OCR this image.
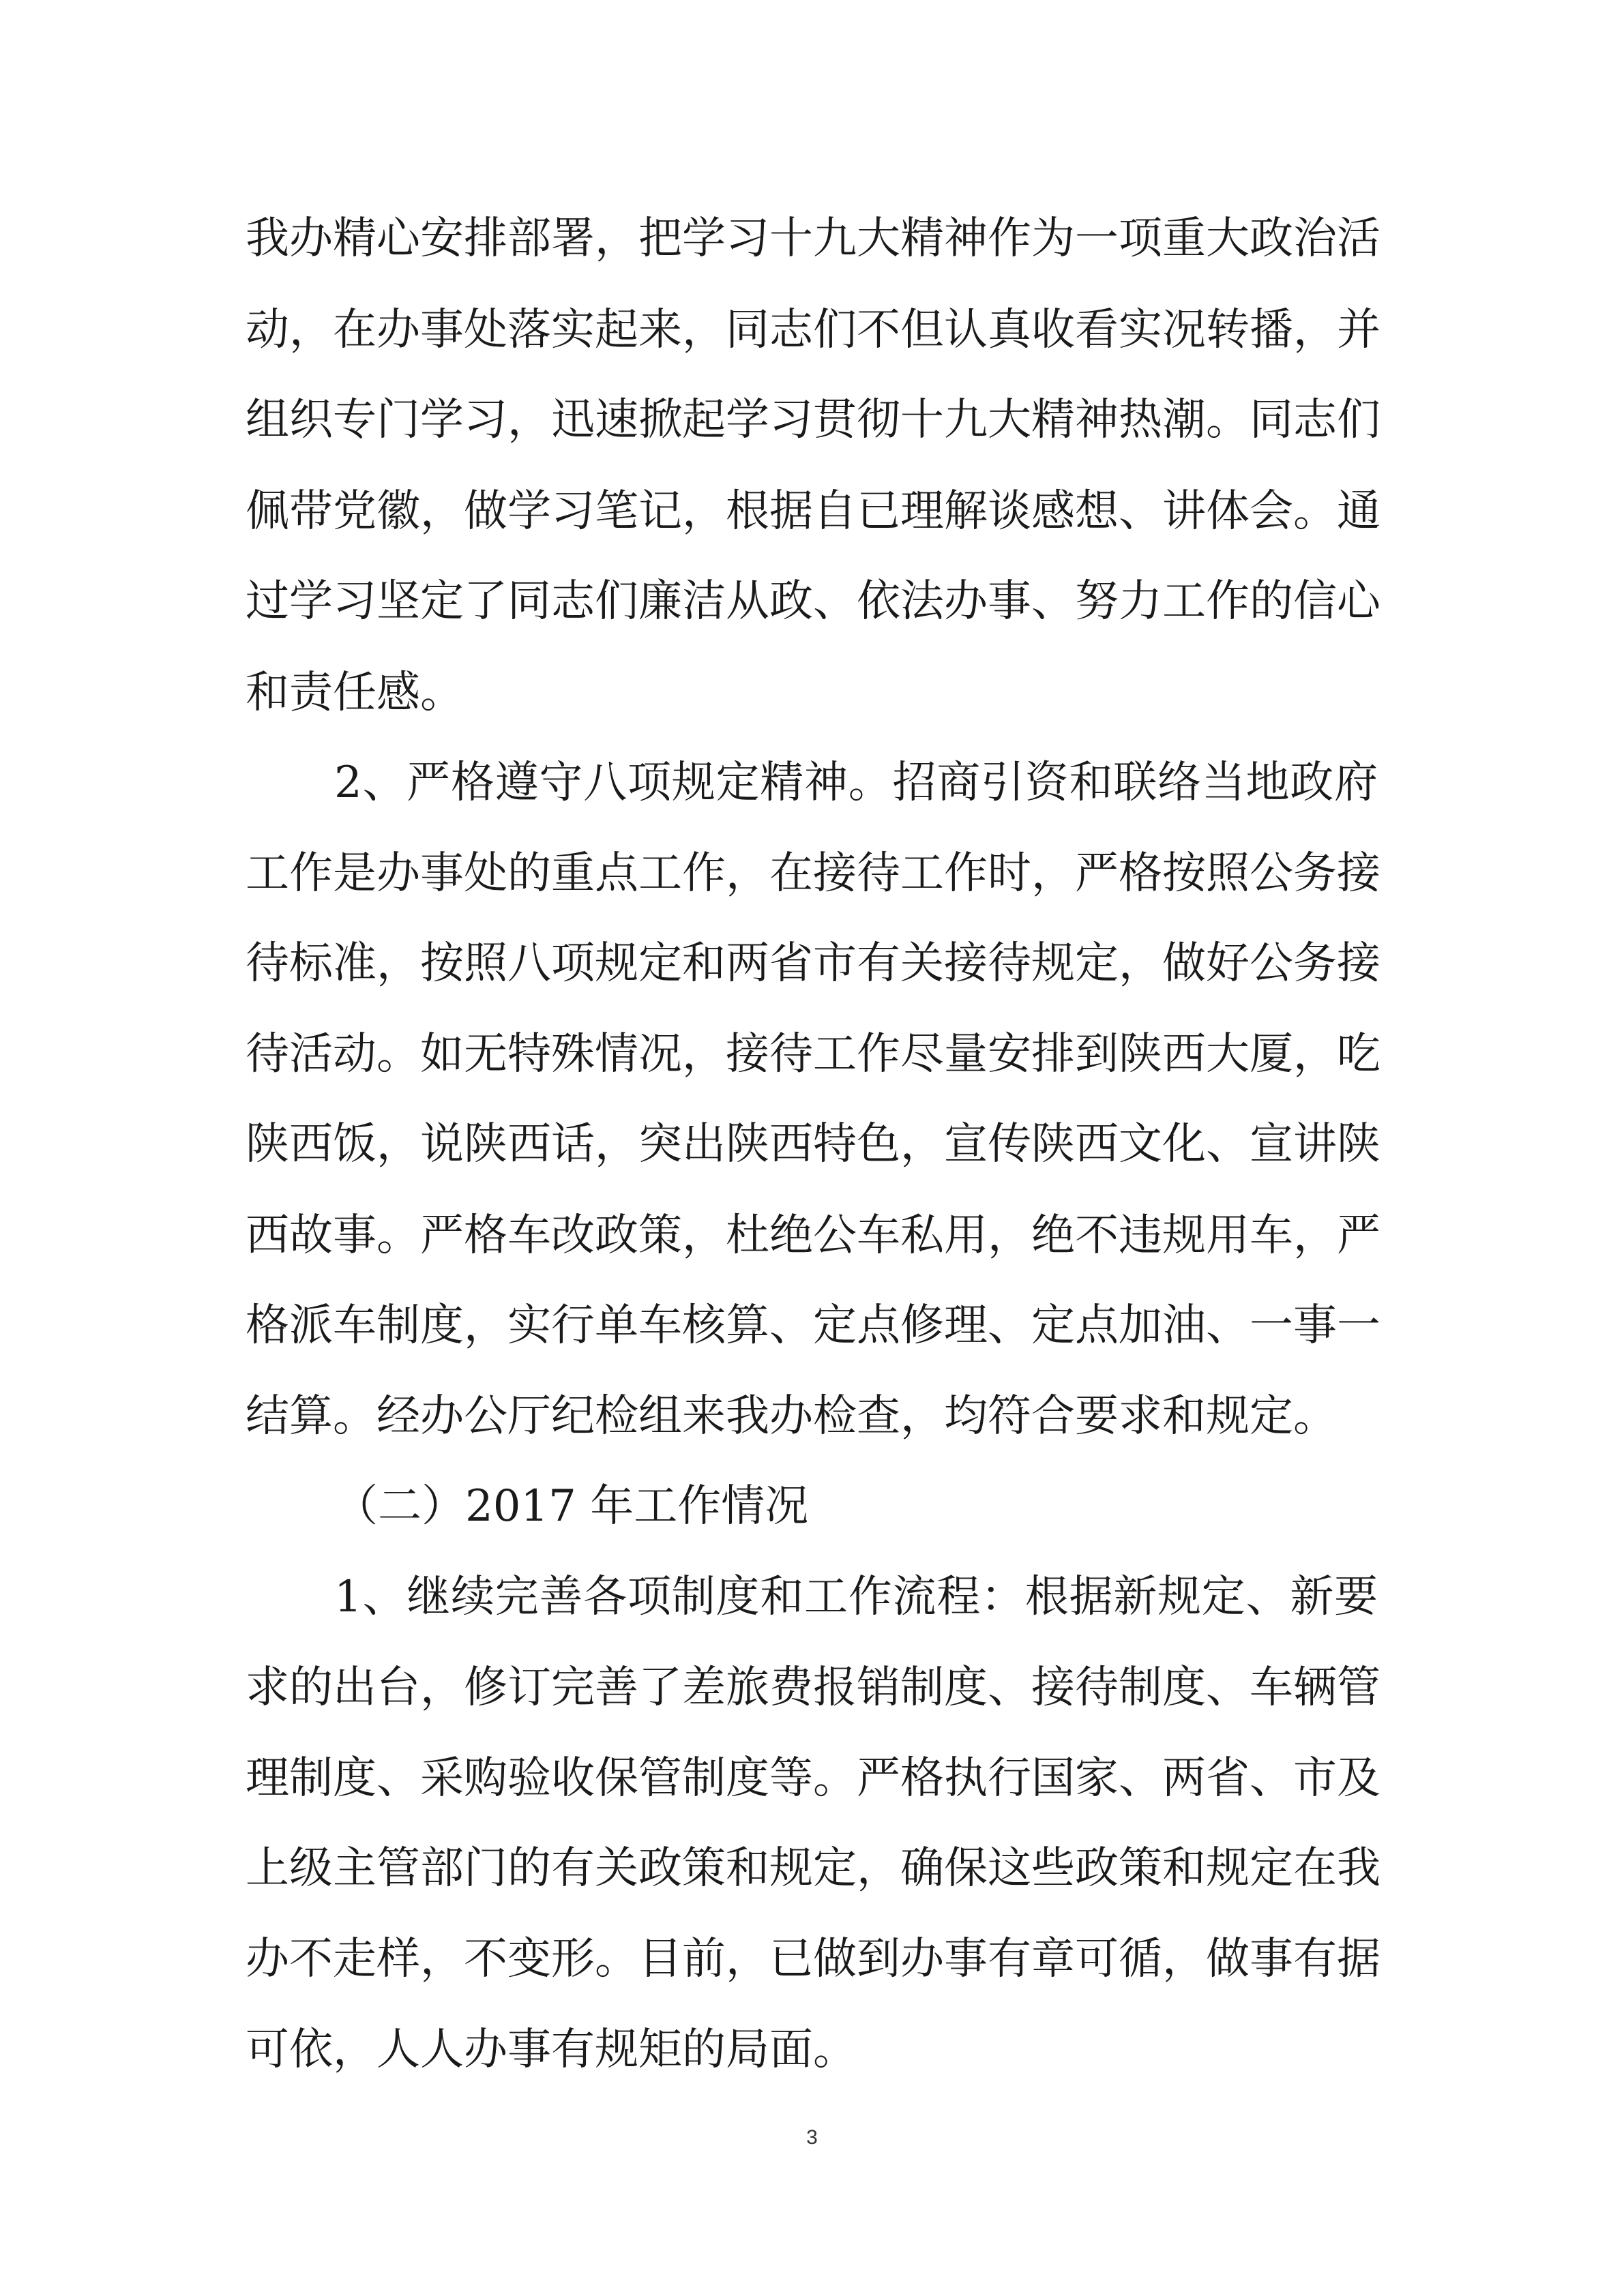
我办精心安排部署，把学习十九大精神作为一项重大政治活
动，在办事处落实起来，同志们不但认真收看实况转播，并
组织专门学习，迅速掀起学习贯彻十九大精神热潮。同志们
佩带党徽，做学习笔记，根据自已理解谈感想、讲体会。通
过学习坚定了同志们廉洁从政、依法办事、努力工作的信心
和责任感。
2、严格遵守八项规定精神。招商引资和联络当地政府
工作是办事处的重点工作，在接待工作时，严格按照公务接
待标准，按照八项规定和两省市有关接待规定，做好公务接
待活动。如无特殊情况，接待工作尽量安排到陕西大厦，吃
陕西饭，说陕西话，突出陕西特色，宣传陕西文化、宣讲陕
西故事。严格车改政策，杜绝公车私用，绝不违规用车，严
格派车制度，实行单车核算、定点修理、定点加油、一事一
结算。经办公厅纪检组来我办检查，均符合要求和规定。
（二）2017 年工作情况
1、继续完善各项制度和工作流程：根据新规定、新要
求的出台，修订完善了差旅费报销制度、接待制度、车辆管
理制度、采购验收保管制度等。严格执行国家、两省、市及
上级主管部门的有关政策和规定，确保这些政策和规定在我
办不走样，不变形。目前，已做到办事有章可循，做事有据
可依，人人办事有规矩的局面。
3
